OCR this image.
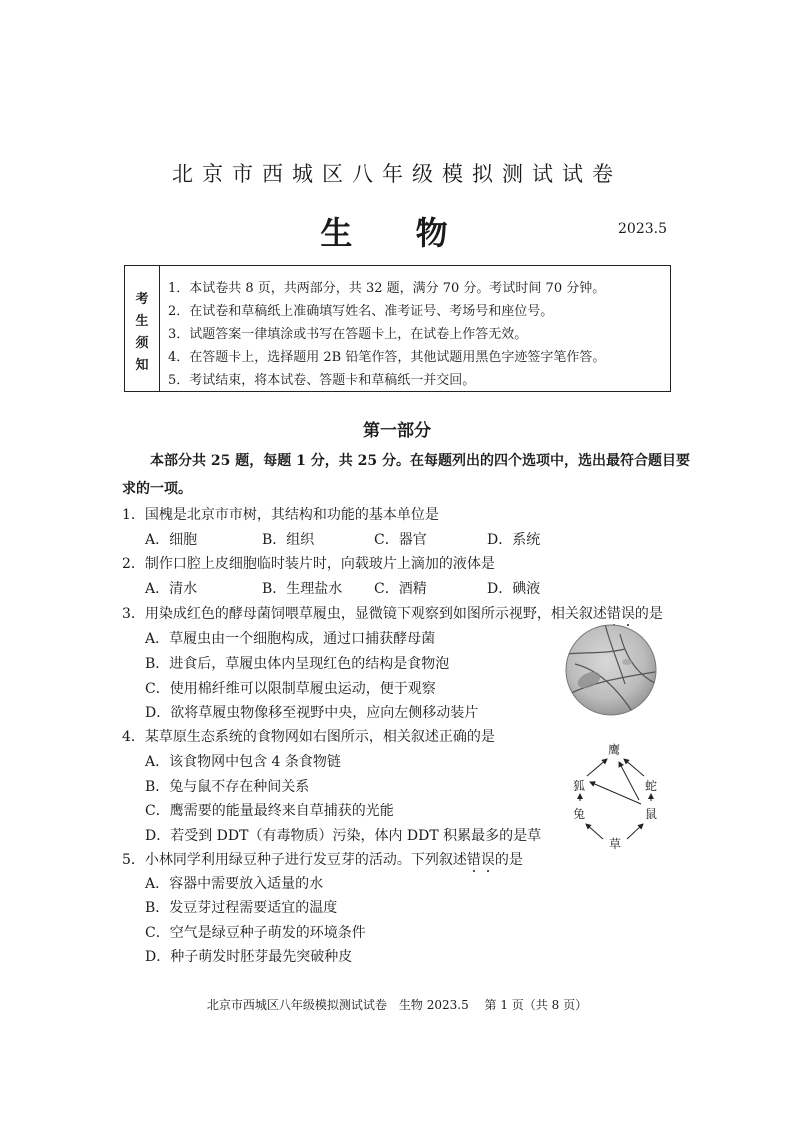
北京市西城区八年级模拟测试试卷
生 物	2023.5
考
生
须
知
1．本试卷共 8 页，共两部分，共 32 题，满分 70 分。考试时间 70 分钟。
2．在试卷和草稿纸上准确填写姓名、准考证号、考场号和座位号。
3．试题答案一律填涂或书写在答题卡上，在试卷上作答无效。
4．在答题卡上，选择题用 2B 铅笔作答，其他试题用黑色字迹签字笔作答。
5．考试结束，将本试卷、答题卡和草稿纸一并交回。
第一部分
本部分共 25 题，每题 1 分，共 25 分。在每题列出的四个选项中，选出最符合题目要
求的一项。
1．国槐是北京市市树，其结构和功能的基本单位是
A．细胞	B．组织	C．器官	D．系统
2．制作口腔上皮细胞临时装片时，向载玻片上滴加的液体是
A．清水	B．生理盐水 C．酒精	D．碘液
3．用染成红色的酵母菌饲喂草履虫，显微镜下观察到如图所示视野，相关叙述错误的是
A．草履虫由一个细胞构成，通过口捕获酵母菌
B．进食后，草履虫体内呈现红色的结构是食物泡
C．使用棉纤维可以限制草履虫运动，便于观察
D．欲将草履虫物像移至视野中央，应向左侧移动装片
4．某草原生态系统的食物网如右图所示，相关叙述正确的是
A．该食物网中包含 4 条食物链
B．兔与鼠不存在种间关系
C．鹰需要的能量最终来自草捕获的光能
D．若受到 DDT（有毒物质）污染，体内 DDT 积累最多的是草
鹰
狐	蛇
兔	鼠
草
5．小林同学利用绿豆种子进行发豆芽的活动。下列叙述错误的是
A．容器中需要放入适量的水
B．发豆芽过程需要适宜的温度
C．空气是绿豆种子萌发的环境条件
D．种子萌发时胚芽最先突破种皮
北京市西城区八年级模拟测试试卷　生物 2023.5　 第 1 页（共 8 页）
